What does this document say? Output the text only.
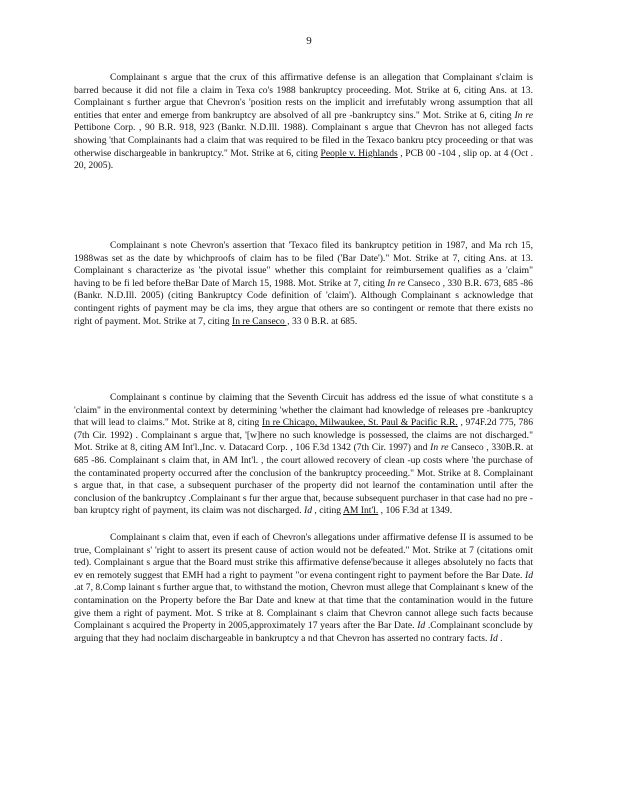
9

Complainant s argue that the crux of this affirmative defense is an allegation that Complainant s'claim is barred because it did not file a claim in Texa co's 1988 bankruptcy proceeding. Mot. Strike at 6, citing Ans. at 13. Complainant s further argue that Chevron's 'position rests on the implicit and irrefutably wrong assumption that all entities that enter and emerge from bankruptcy are absolved of all pre -bankruptcy sins." Mot. Strike at 6, citing In re Pettibone Corp. , 90 B.R. 918, 923 (Bankr. N.D.Ill. 1988). Complainant s argue that Chevron has not alleged facts showing 'that Complainants had a claim that was required to be filed in the Texaco bankru ptcy proceeding or that was otherwise dischargeable in bankruptcy." Mot. Strike at 6, citing People v. Highlands , PCB 00 -104 , slip op. at 4 (Oct . 20, 2005).

Complainant s note Chevron's assertion that 'Texaco filed its bankruptcy petition in 1987, and Ma rch 15, 1988was set as the date by whichproofs of claim has to be filed ('Bar Date')." Mot. Strike at 7, citing Ans. at 13. Complainant s characterize as 'the pivotal issue" whether this complaint for reimbursement qualifies as a 'claim" having to be fi led before theBar Date of March 15, 1988. Mot. Strike at 7, citing In re Canseco , 330 B.R. 673, 685 -86 (Bankr. N.D.Ill. 2005) (citing Bankruptcy Code definition of 'claim'). Although Complainant s acknowledge that contingent rights of payment may be cla ims, they argue that others are so contingent or remote that there exists no right of payment. Mot. Strike at 7, citing In re Canseco , 33 0 B.R. at 685.

Complainant s continue by claiming that the Seventh Circuit has address ed the issue of what constitute s a 'claim" in the environmental context by determining 'whether the claimant had knowledge of releases pre -bankruptcy that will lead to claims." Mot. Strike at 8, citing In re Chicago, Milwaukee, St. Paul & Pacific R.R. , 974F.2d 775, 786 (7th Cir. 1992) . Complainant s argue that, '[w]here no such knowledge is possessed, the claims are not discharged." Mot. Strike at 8, citing AM Int'l.,Inc. v. Datacard Corp. , 106 F.3d 1342 (7th Cir. 1997) and In re Canseco , 330B.R. at 685 -86. Complainant s claim that, in AM Int'l. , the court allowed recovery of clean -up costs where 'the purchase of the contaminated property occurred after the conclusion of the bankruptcy proceeding." Mot. Strike at 8. Complainant s argue that, in that case, a subsequent purchaser of the property did not learnof the contamination until after the conclusion of the bankruptcy .Complainant s fur ther argue that, because subsequent purchaser in that case had no pre -ban kruptcy right of payment, its claim was not discharged. Id , citing AM Int'l. , 106 F.3d at 1349.

Complainant s claim that, even if each of Chevron's allegations under affirmative defense II is assumed to be true, Complainant s' 'right to assert its present cause of action would not be defeated." Mot. Strike at 7 (citations omit ted). Complainant s argue that the Board must strike this affirmative defense'because it alleges absolutely no facts that ev en remotely suggest that EMH had a right to payment "or evena contingent right to payment before the Bar Date. Id .at 7, 8.Comp lainant s further argue that, to withstand the motion, Chevron must allege that Complainant s knew of the contamination on the Property before the Bar Date and knew at that time that the contamination would in the future give them a right of payment. Mot. S trike at 8. Complainant s claim that Chevron cannot allege such facts because Complainant s acquired the Property in 2005,approximately 17 years after the Bar Date. Id .Complainant sconclude by arguing that they had noclaim dischargeable in bankruptcy a nd that Chevron has asserted no contrary facts. Id .
